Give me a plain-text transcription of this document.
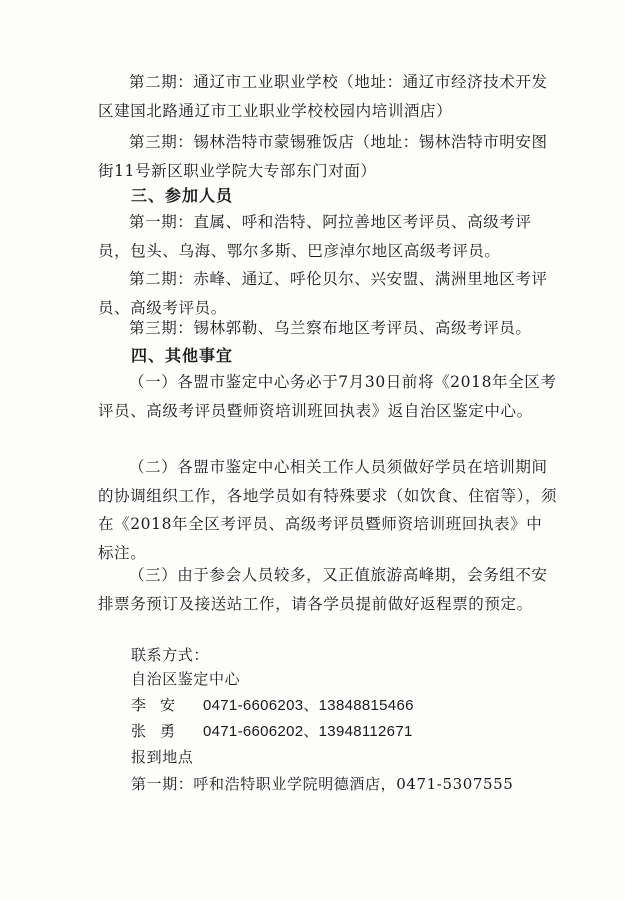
第二期：通辽市工业职业学校（地址：通辽市经济技术开发区建国北路通辽市工业职业学校校园内培训酒店）
第三期：锡林浩特市蒙锡雅饭店（地址：锡林浩特市明安图街11号新区职业学院大专部东门对面）
三、参加人员
第一期：直属、呼和浩特、阿拉善地区考评员、高级考评员，包头、乌海、鄂尔多斯、巴彦淖尔地区高级考评员。
第二期：赤峰、通辽、呼伦贝尔、兴安盟、满洲里地区考评员、高级考评员。
第三期：锡林郭勒、乌兰察布地区考评员、高级考评员。
四、其他事宜
（一）各盟市鉴定中心务必于7月30日前将《2018年全区考评员、高级考评员暨师资培训班回执表》返自治区鉴定中心。
（二）各盟市鉴定中心相关工作人员须做好学员在培训期间的协调组织工作，各地学员如有特殊要求（如饮食、住宿等），须在《2018年全区考评员、高级考评员暨师资培训班回执表》中标注。
（三）由于参会人员较多，又正值旅游高峰期，会务组不安排票务预订及接送站工作，请各学员提前做好返程票的预定。
联系方式：
自治区鉴定中心
李安 0471-6606203、13848815466
张勇 0471-6606202、13948112671
报到地点
第一期：呼和浩特职业学院明德酒店，0471-5307555
